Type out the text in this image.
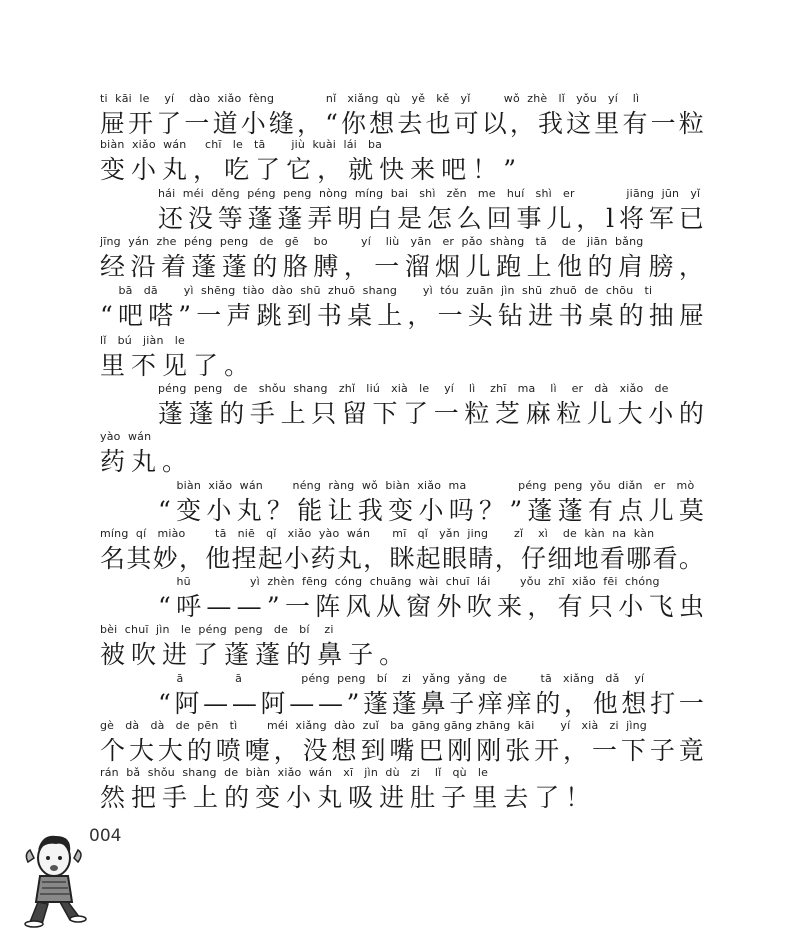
004
ti  kāi  le    yí    dào  xiǎo  fèng              nǐ   xiǎng  qù   yě   kě   yǐ         wǒ  zhè   lǐ   yǒu   yí    lì
屉 开 了 一 道 小 缝 ， “ 你 想 去 也 可 以 ， 我 这 里 有 一 粒
biàn  xiǎo  wán     chī   le   tā       jiù  kuài  lái   ba
变 小 丸 ， 吃 了 它 ， 就 快 来 吧 ！ ”
hái  méi  děng  péng  peng  nòng  míng  bai   shì   zěn   me   huí   shì   er              jiāng  jūn   yǐ
还 没 等 蓬 蓬 弄 明 白 是 怎 么 回 事 儿 ， l 将 军 已
jīng  yán  zhe  péng  peng   de   gē    bo         yí    liù   yān   er  pǎo  shàng   tā    de   jiān  bǎng
经 沿 着 蓬 蓬 的 胳 膊 ， 一 溜 烟 儿 跑 上 他 的 肩 膀 ，
bā   dā       yì  shēng  tiào  dào  shū  zhuō  shang       yì  tóu  zuān  jìn  shū  zhuō  de  chōu   ti
“ 吧 嗒 ” 一 声 跳 到 书 桌 上 ， 一 头 钻 进 书 桌 的 抽 屉
lǐ   bú   jiàn   le
里 不 见 了 。
péng  peng   de   shǒu  shang   zhǐ   liú   xià   le    yí    lì    zhī   ma    lì    er   dà   xiǎo   de
蓬 蓬 的 手 上 只 留 下 了 一 粒 芝 麻 粒 儿 大 小 的
yào  wán
药 丸 。
biàn  xiǎo  wán        néng  ràng  wǒ  biàn  xiǎo  ma              péng  peng  yǒu  diǎn   er   mò
“ 变 小 丸 ？ 能 让 我 变 小 吗 ？ ” 蓬 蓬 有 点 儿 莫
míng  qí   miào        tā   niē   qǐ   xiǎo  yào  wán      mī   qǐ   yǎn  jing       zǐ    xì    de  kàn  na  kàn
名 其 妙 ， 他 捏 起 小 药 丸 ， 眯 起 眼 睛 ， 仔 细 地 看 哪 看 。
hū                yì  zhèn  fēng  cóng  chuāng  wài  chuī  lái        yǒu  zhī  xiǎo  fēi  chóng
“ 呼 — — ” 一 阵 风 从 窗 外 吹 来 ， 有 只 小 飞 虫
bèi  chuī  jìn   le  péng  peng   de   bí    zi
被 吹 进 了 蓬 蓬 的 鼻 子 。
ā              ā                péng  peng   bí    zi   yǎng  yǎng  de         tā   xiǎng   dǎ    yí
“ 阿 — — 阿 — — ” 蓬 蓬 鼻 子 痒 痒 的 ， 他 想 打 一
gè   dà   dà   de  pēn   tì        méi  xiǎng  dào  zuǐ   ba  gāng gāng zhāng  kāi       yí   xià   zi  jìng
个 大 大 的 喷 嚏 ， 没 想 到 嘴 巴 刚 刚 张 开 ， 一 下 子 竟
rán  bǎ  shǒu  shang  de  biàn  xiǎo  wán   xī   jìn  dù   zi    lǐ   qù   le
然 把 手 上 的 变 小 丸 吸 进 肚 子 里 去 了 ！
